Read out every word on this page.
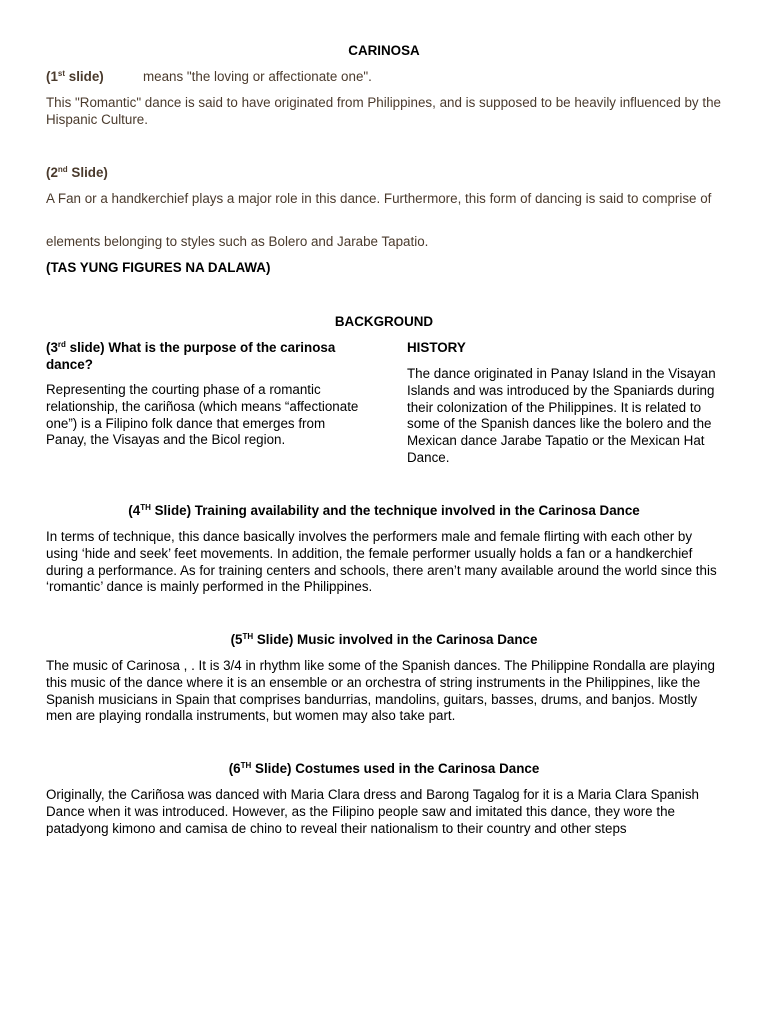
CARINOSA

(1st slide)	means "the loving or affectionate one".

This "Romantic" dance is said to have originated from Philippines, and is supposed to be heavily influenced by the Hispanic Culture.

(2nd Slide)

A Fan or a handkerchief plays a major role in this dance. Furthermore, this form of dancing is said to comprise of

elements belonging to styles such as Bolero and Jarabe Tapatio.

(TAS YUNG FIGURES NA DALAWA)

BACKGROUND

(3rd slide) What is the purpose of the carinosa dance?

Representing the courting phase of a romantic relationship, the cariñosa (which means “affectionate one”) is a Filipino folk dance that emerges from Panay, the Visayas and the Bicol region.

HISTORY

The dance originated in Panay Island in the Visayan Islands and was introduced by the Spaniards during their colonization of the Philippines. It is related to some of the Spanish dances like the bolero and the Mexican dance Jarabe Tapatio or the Mexican Hat Dance.

(4TH Slide) Training availability and the technique involved in the Carinosa Dance

In terms of technique, this dance basically involves the performers male and female flirting with each other by using ‘hide and seek’ feet movements. In addition, the female performer usually holds a fan or a handkerchief during a performance. As for training centers and schools, there aren’t many available around the world since this ‘romantic’ dance is mainly performed in the Philippines.

(5TH Slide) Music involved in the Carinosa Dance

The music of Carinosa , . It is 3/4 in rhythm like some of the Spanish dances. The Philippine Rondalla are playing this music of the dance where it is an ensemble or an orchestra of string instruments in the Philippines, like the Spanish musicians in Spain that comprises bandurrias, mandolins, guitars, basses, drums, and banjos. Mostly men are playing rondalla instruments, but women may also take part.

(6TH Slide) Costumes used in the Carinosa Dance

Originally, the Cariñosa was danced with Maria Clara dress and Barong Tagalog for it is a Maria Clara Spanish Dance when it was introduced. However, as the Filipino people saw and imitated this dance, they wore the patadyong kimono and camisa de chino to reveal their nationalism to their country and other steps
